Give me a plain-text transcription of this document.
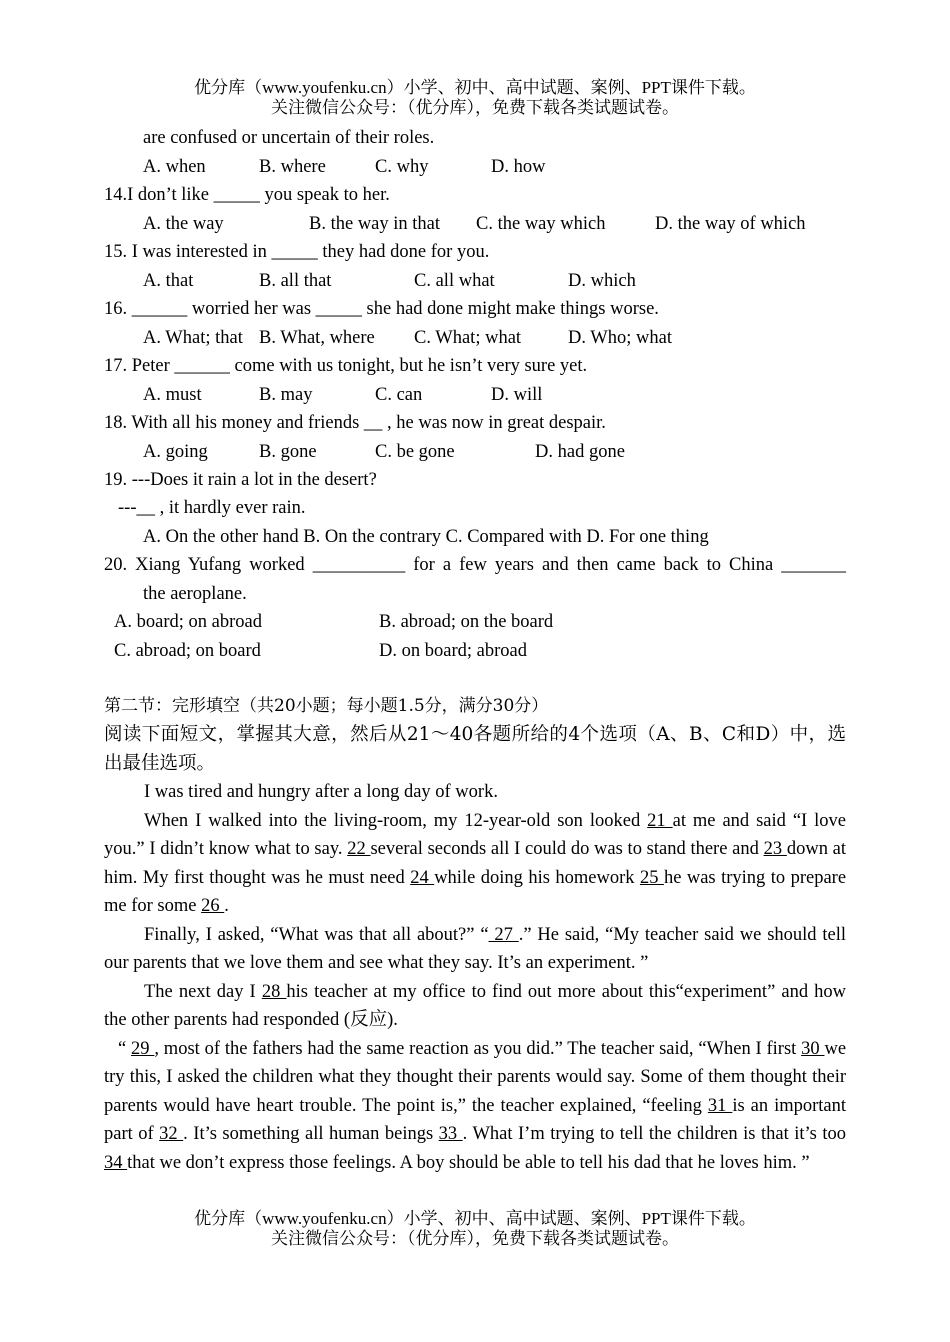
优分库（www.youfenku.cn）小学、初中、高中试题、案例、PPT课件下载。
关注微信公众号：（优分库），免费下载各类试题试卷。
are confused or uncertain of their roles.
A. when	B. where	C. why	D. how
14.I don’t like _____ you speak to her.
A. the way	B. the way in that C. the way which	D. the way of which
15. I was interested in _____ they had done for you.
A. that	B. all that	C. all what	D. which
16. ______ worried her was _____ she had done might make things worse.
A. What; that B. What, where C. What; what	D. Who; what
17. Peter ______ come with us tonight, but he isn’t very sure yet.
A. must	B. may	C. can	D. will
18. With all his money and friends __ , he was now in great despair.
A. going	B. gone	C. be gone	D. had gone
19. ---Does it rain a lot in the desert?
---__ , it hardly ever rain.
A. On the other hand B. On the contrary C. Compared with D. For one thing
20. Xiang Yufang worked __________ for a few years and then came back to China _______
the aeroplane.
A. board; on abroad	B. abroad; on the board
C. abroad; on board	D. on board; abroad
第二节：完形填空（共20小题；每小题1.5分，满分30分）
阅读下面短文，掌握其大意，然后从21～40各题所给的4个选项（A、B、C和D）中，选出最佳选项。

I was tired and hungry after a long day of work.

When I walked into the living-room, my 12-year-old son looked 21 at me and said “I love you.” I didn’t know what to say. 22 several seconds all I could do was to stand there and 23 down at him. My first thought was he must need 24 while doing his homework 25 he was trying to prepare me for some 26 .

Finally, I asked, “What was that all about?” “ 27 .” He said, “My teacher said we should tell our parents that we love them and see what they say. It’s an experiment. ”

The next day I 28 his teacher at my office to find out more about this“experiment” and how the other parents had responded (反应).

“ 29 , most of the fathers had the same reaction as you did.” The teacher said, “When I first 30 we try this, I asked the children what they thought their parents would say. Some of them thought their parents would have heart trouble. The point is,” the teacher explained, “feeling 31 is an important part of 32 . It’s something all human beings 33 . What I’m trying to tell the children is that it’s too 34 that we don’t express those feelings. A boy should be able to tell his dad that he loves him. ”

优分库（www.youfenku.cn）小学、初中、高中试题、案例、PPT课件下载。
关注微信公众号：（优分库），免费下载各类试题试卷。
